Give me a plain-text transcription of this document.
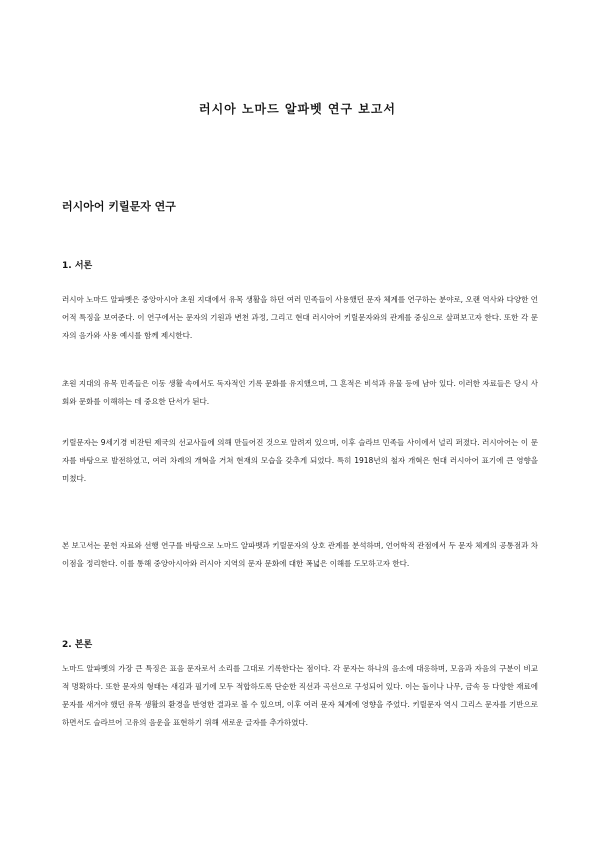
러시아 노마드 알파벳 연구 보고서
러시아어 키릴문자 연구
1. 서론

러시아 노마드 알파벳은 중앙아시아 초원 지대에서 유목 생활을 하던 여러 민족들이 사용했던 문자 체계를 연구하는 분야로, 오랜 역사와 다양한 언어적 특징을 보여준다. 이 연구에서는 문자의 기원과 변천 과정, 그리고 현대 러시아어 키릴문자와의 관계를 중심으로 살펴보고자 한다. 또한 각 문자의 음가와 사용 예시를 함께 제시한다.

초원 지대의 유목 민족들은 이동 생활 속에서도 독자적인 기록 문화를 유지했으며, 그 흔적은 비석과 유물 등에 남아 있다. 이러한 자료들은 당시 사회와 문화를 이해하는 데 중요한 단서가 된다.

키릴문자는 9세기경 비잔틴 제국의 선교사들에 의해 만들어진 것으로 알려져 있으며, 이후 슬라브 민족들 사이에서 널리 퍼졌다. 러시아어는 이 문자를 바탕으로 발전하였고, 여러 차례의 개혁을 거쳐 현재의 모습을 갖추게 되었다. 특히 1918년의 철자 개혁은 현대 러시아어 표기에 큰 영향을 미쳤다.

본 보고서는 문헌 자료와 선행 연구를 바탕으로 노마드 알파벳과 키릴문자의 상호 관계를 분석하며, 언어학적 관점에서 두 문자 체계의 공통점과 차이점을 정리한다. 이를 통해 중앙아시아와 러시아 지역의 문자 문화에 대한 폭넓은 이해를 도모하고자 한다.

2. 본론

노마드 알파벳의 가장 큰 특징은 표음 문자로서 소리를 그대로 기록한다는 점이다. 각 문자는 하나의 음소에 대응하며, 모음과 자음의 구분이 비교적 명확하다. 또한 문자의 형태는 새김과 필기에 모두 적합하도록 단순한 직선과 곡선으로 구성되어 있다. 이는 돌이나 나무, 금속 등 다양한 재료에 문자를 새겨야 했던 유목 생활의 환경을 반영한 결과로 볼 수 있으며, 이후 여러 문자 체계에 영향을 주었다. 키릴문자 역시 그리스 문자를 기반으로 하면서도 슬라브어 고유의 음운을 표현하기 위해 새로운 글자를 추가하였다.
